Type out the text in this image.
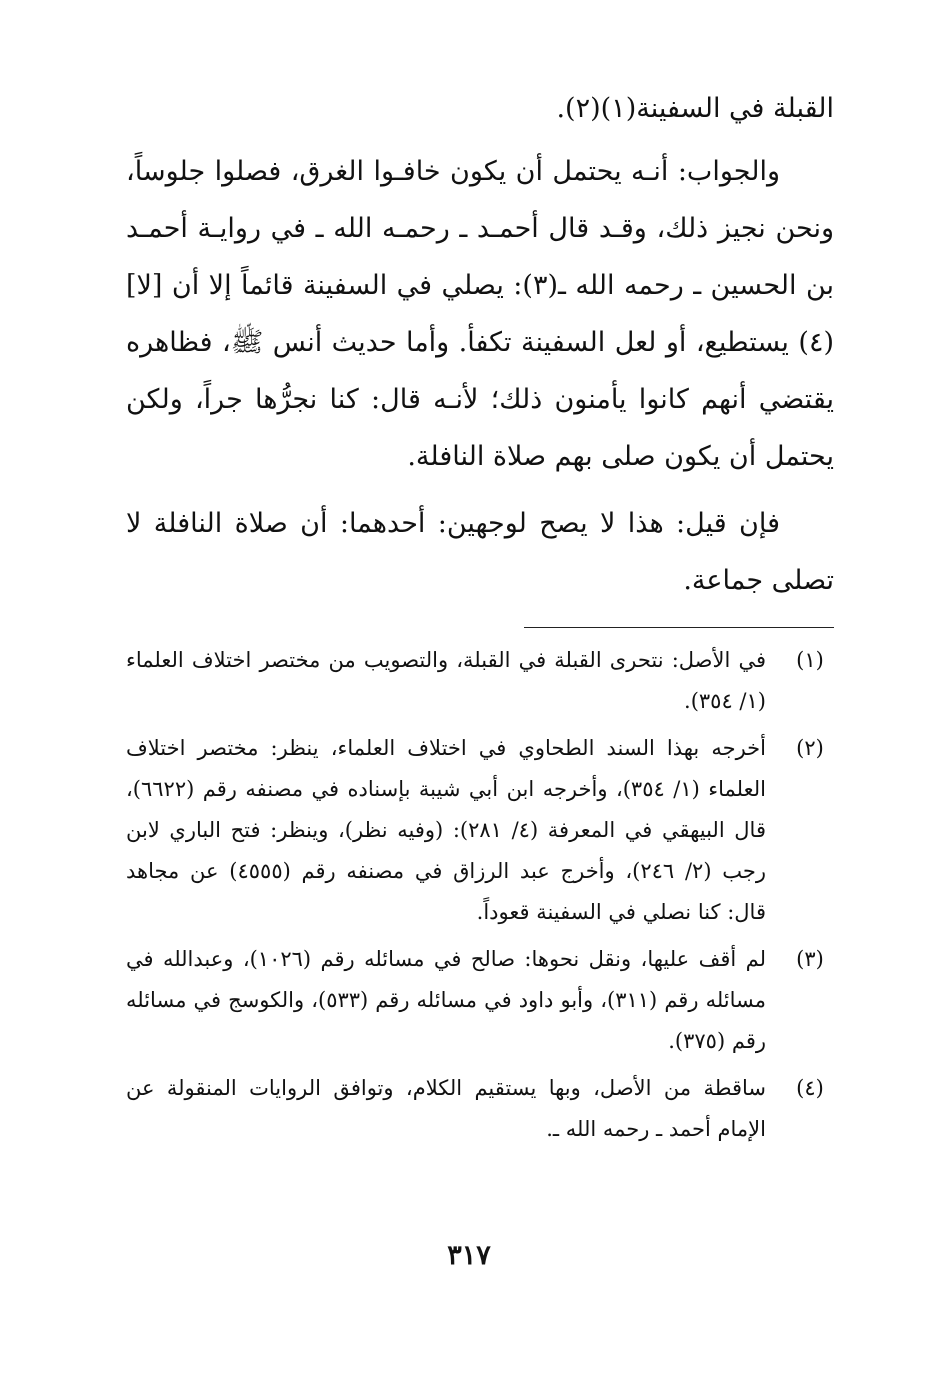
القبلة في السفينة(١)(٢).

والجواب: أنـه يحتمل أن يكون خافـوا الغرق، فصلوا جلوساً، ونحن نجيز ذلك، وقـد قال أحمـد ـ رحمـه الله ـ في روايـة أحمـد بن الحسين ـ رحمه الله ـ(٣): يصلي في السفينة قائماً إلا أن [لا](٤) يستطيع، أو لعل السفينة تكفأ. وأما حديث أنس ﷺ، فظاهره يقتضي أنهم كانوا يأمنون ذلك؛ لأنـه قال: كنا نجرُّها جراً، ولكن يحتمل أن يكون صلى بهم صلاة النافلة.

فإن قيل: هذا لا يصح لوجهين: أحدهما: أن صلاة النافلة لا تصلى جماعة.

(١)
في الأصل: نتحرى القبلة في القبلة، والتصويب من مختصر اختلاف العلماء (١/ ٣٥٤).
(٢)
أخرجه بهذا السند الطحاوي في اختلاف العلماء، ينظر: مختصر اختلاف العلماء (١/ ٣٥٤)، وأخرجه ابن أبي شيبة بإسناده في مصنفه رقم (٦٦٢٢)، قال البيهقي في المعرفة (٤/ ٢٨١): (وفيه نظر)، وينظر: فتح الباري لابن رجب (٢/ ٢٤٦)، وأخرج عبد الرزاق في مصنفه رقم (٤٥٥٥) عن مجاهد قال: كنا نصلي في السفينة قعوداً.
(٣)
لم أقف عليها، ونقل نحوها: صالح في مسائله رقم (١٠٢٦)، وعبدالله في مسائله رقم (٣١١)، وأبو داود في مسائله رقم (٥٣٣)، والكوسج في مسائله رقم (٣٧٥).
(٤)
ساقطة من الأصل، وبها يستقيم الكلام، وتوافق الروايات المنقولة عن الإمام أحمد ـ رحمه الله ـ.
٣١٧
